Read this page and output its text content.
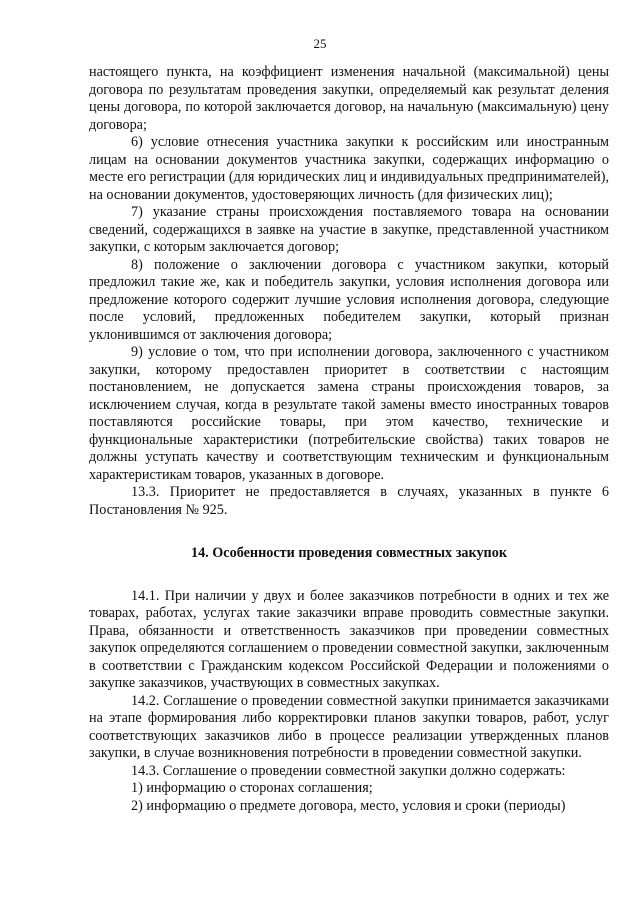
25

настоящего пункта, на коэффициент изменения начальной (максимальной) цены договора по результатам проведения закупки, определяемый как результат деления цены договора, по которой заключается договор, на начальную (максимальную) цену договора;

6) условие отнесения участника закупки к российским или иностранным лицам на основании документов участника закупки, содержащих информацию о месте его регистрации (для юридических лиц и индивидуальных предпринимателей), на основании документов, удостоверяющих личность (для физических лиц);

7) указание страны происхождения поставляемого товара на основании сведений, содержащихся в заявке на участие в закупке, представленной участником закупки, с которым заключается договор;

8) положение о заключении договора с участником закупки, который предложил такие же, как и победитель закупки, условия исполнения договора или предложение которого содержит лучшие условия исполнения договора, следующие после условий, предложенных победителем закупки, который признан уклонившимся от заключения договора;

9) условие о том, что при исполнении договора, заключенного с участником закупки, которому предоставлен приоритет в соответствии с настоящим постановлением, не допускается замена страны происхождения товаров, за исключением случая, когда в результате такой замены вместо иностранных товаров поставляются российские товары, при этом качество, технические и функциональные характеристики (потребительские свойства) таких товаров не должны уступать качеству и соответствующим техническим и функциональным характеристикам товаров, указанных в договоре.

13.3. Приоритет не предоставляется в случаях, указанных в пункте 6 Постановления № 925.

14. Особенности проведения совместных закупок

14.1. При наличии у двух и более заказчиков потребности в одних и тех же товарах, работах, услугах такие заказчики вправе проводить совместные закупки. Права, обязанности и ответственность заказчиков при проведении совместных закупок определяются соглашением о проведении совместной закупки, заключенным в соответствии с Гражданским кодексом Российской Федерации и положениями о закупке заказчиков, участвующих в совместных закупках.

14.2. Соглашение о проведении совместной закупки принимается заказчиками на этапе формирования либо корректировки планов закупки товаров, работ, услуг соответствующих заказчиков либо в процессе реализации утвержденных планов закупки, в случае возникновения потребности в проведении совместной закупки.

14.3. Соглашение о проведении совместной закупки должно содержать:

1) информацию о сторонах соглашения;

2) информацию о предмете договора, место, условия и сроки (периоды)
